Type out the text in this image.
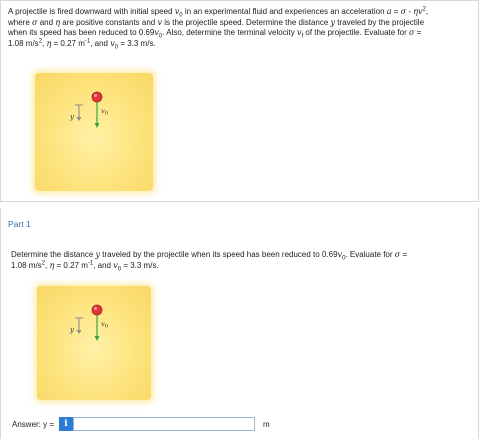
A projectile is fired downward with initial speed $v_0$ in an experimental fluid and experiences an acceleration $a = \sigma - \eta v^2$,
where σ and η are positive constants and v is the projectile speed. Determine the distance y traveled by the projectile
when its speed has been reduced to $0.69v_0$. Also, determine the terminal velocity $v_f$ of the projectile. Evaluate for σ =
1.08 $m/s^2$, η = 0.27 $m^{-1}$, and $v_0 = 3.3$ m/s.
y
$v_0$
Part 1
Determine the distance y traveled by the projectile when its speed has been reduced to $0.69v_0$. Evaluate for σ =
1.08 $m/s^2$, η = 0.27 $m^{-1}$, and $v_0 = 3.3$ m/s.
y
$v_0$
Answer: y =	i	m
